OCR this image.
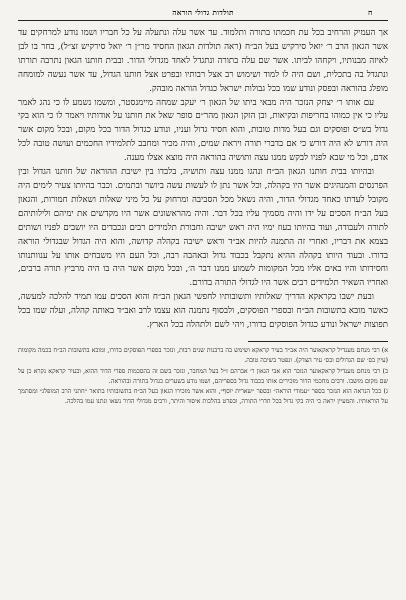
ח
תולדות גדולי הוראה

אך העמיק והרחיב בכל עת חכמתו בתורה ותלמוד. עד אשר עלה ונתעלה על כל חבריו ושמו נודע למרחקים עד אשר הגאון הרב ר׳ יואל סירקיש בעל הב״ח (ראה תולדות הגאון החסיד מר״ן ר׳ יואל סירקיש זצ״ל), בחר בו לבן לאיזה מבנותיו, ויקחהו לביתו. אשר שם עלה בתורה ונתגדל לאחד מגדולי הדור. ובבית חותנו הגאון נתרבה תורתו ונתגדל בה בתכלית, ושם היה לו למוד ושימוש רב אצל רבותיו ובפרט אצל חותנו הגדול, עד אשר נעשה למומחה מופלג בהוראה ובפסק ונודע שמו בכל גבולות ישראל כגדול הוראה מובהק.

עם אותו ר׳ יצחק הנזכר היה מבאי ביתו של הגאון ר׳ יעקב שמחה מיימנסטר, ומשמו נשמע לו כי נהג לאמר עליו כי אין כמוהו בחריפות ובקיאות, ובן הזקן הגאון מהר״ם סופר שאל את חותנו על אודותיו ויאמר לו כי הוא בקי גדול בש״ס ופוסקים וגם בעל מדות טובות, והוא חסיד גדול ועניו, ונודע כגדול הדור בכל מקום, ובכל מקום אשר היה דורש לא היה דורש כי אם בדברי תורה ויראת שמים, והיה מכיר ומחבב לתלמידיו החכמים ועושה טובה לכל אדם, וכל מי שבא לפניו לבקש ממנו עצה ותושיה בהוראה היה מוצא אצלו מענה.

ובהיותו בבית חותנו הגאון הב״ח ונהגו ממנו עצה ותושיה, בלבדו בין ישיבת ההוראה של חותנו הגדול ובין הפרנסים והמנהיגים אשר היו בקהלה, וכל אשר נתן לו לעשות עשה ביושר ובתמים. וכבר בהיותו צעיר לימים היה מקובל לעדתו כאחד מגדולי הדור, והיה נשאל מכל הסביבה ומרחוק על כל מיני שאלות ושאלות חמורות, והגאון בעל הב״ח הסכים על ידו והיה מסמיך עליו בכל דבר. והיה מהראשונים אשר היו מקדשים את ימיהם ולילותיהם לתורה ולעבודה, ועוד בהיותו בעוז ימיו היה ראש ישיבה וחבורת תלמידים רבים ונכבדים היו יושבים לפניו ושותים בצמא את דבריו, ואחרי זה התמנה להיות אב״ד וראש ישיבה בקהלה קדושה, והוא היה הגדול שבגדולי הוראה בדורו. ובעוד היותו בקהלה ההיא נתקבל בכבוד גדול ובאהבה רבה, וכל העם היו משבחים אותו על ענוותנותו וחסידותו והיו באים אליו מכל המקומות לשמוע ממנו דבר ה׳, ובכל מקום אשר היה בו היה מרביץ תורה ברבים, ואחריו השאיר תלמידים רבים אשר היו לגדולי התורה בדורם.

ובעת ישבו בקראקא הדריך שאלותיו ותשובותיו לחפשי הגאון הב״ח והוא הסכים עמו תמיד להלכה למעשה, כאשר מובא בתשובות הב״ח ובספרי הפוסקים, ולבסוף נתמנה הוא עצמו לרב ואב״ד באותה קהלה, ועלה שמו בכל תפוצות ישראל ונודע כגדול הפוסקים בדורו, ויהי לשם ולתהלה בכל הארץ.

א) רבי מנחם מענדיל קראקאוער היה אב״ד בעיר קראקא ושימש בה ברבנות שנים רבות, ונזכר בספרי הפוסקים בדורו, ומובא בתשובות הב״ח בכמה מקומות (עיין בס׳ שם הגדולים ובס׳ עיר הצדק). ונפטר בשיבה טובה.

ב) רבי מנחם מענדיל קראקאוער הנזכר הוא אבי הגאון ר׳ אברהם ז״ל בעל המחבר, ונזכר בשם זה בהסכמות ספרי הדור ההוא, ובעיר קראקא נקרא כן על שם מקום מושבו. ורבים מחכמי הדור מזכירים אותו בכבוד גדול בספריהם, ושמו נודע בשערים כגדול בתורה ובהוראה.

ג) ככל הנראה הוא הנזכר בספר ״עמודי הוראה״ ובספר ״שארית יוסף״, והוא אשר מזכירו הגאון בעל הב״ח בתשובותיו בתואר ״חתני הרב המופלג״ ומסתמך על הוראותיו. והמעיין יראה כי היה בקי גדול בכל חדרי התורה, ובפרט בהלכות איסור והיתר, ורבים מגדולי הדור נשאו ונתנו עמו בהלכה.
